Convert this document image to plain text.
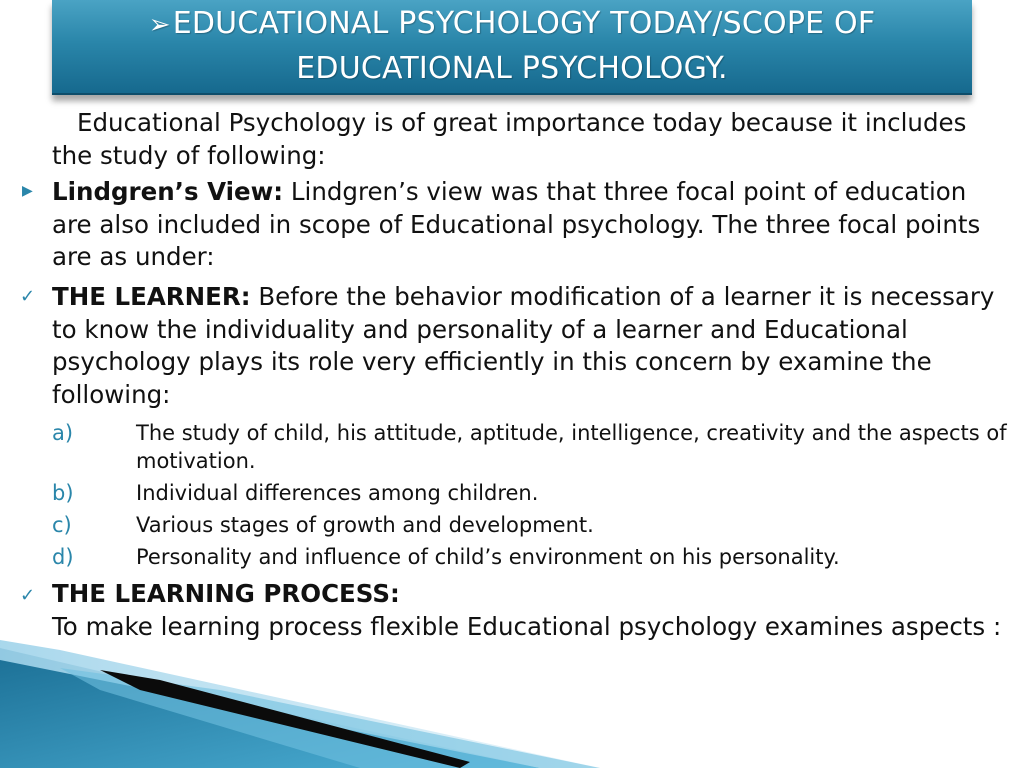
➢EDUCATIONAL PSYCHOLOGY TODAY/SCOPE OF
EDUCATIONAL PSYCHOLOGY.

Educational Psychology is of great importance today because it includes the study of following:

▶ Lindgren’s View: Lindgren’s view was that three focal point of education are also included in scope of Educational psychology. The three focal points are as under:

✓ THE LEARNER: Before the behavior modification of a learner it is necessary to know the individuality and personality of a learner and Educational psychology plays its role very efficiently in this concern by examine the following:

a)	The study of child, his attitude, aptitude, intelligence, creativity and the aspects of motivation.
b)	Individual differences among children.
c)	Various stages of growth and development.
d)	Personality and influence of child’s environment on his personality.
✓ THE LEARNING PROCESS:
To make learning process flexible Educational psychology examines aspects :
